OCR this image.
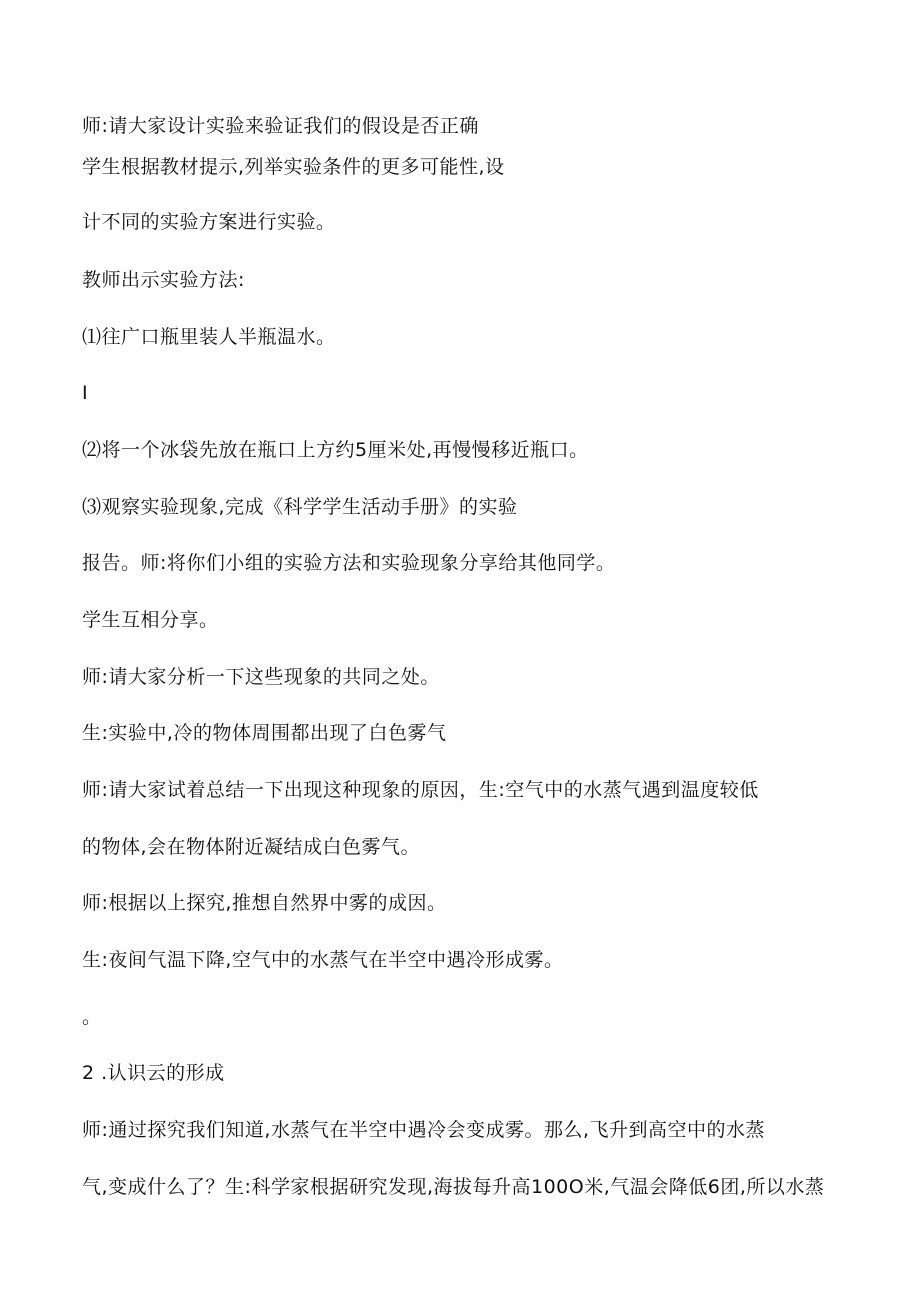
师:请大家设计实验来验证我们的假设是否正确
学生根据教材提示,列举实验条件的更多可能性,设
计不同的实验方案进行实验。
教师出示实验方法:
⑴往广口瓶里装人半瓶温水。
I
⑵将一个冰袋先放在瓶口上方约5厘米处,再慢慢移近瓶口。
⑶观察实验现象,完成《科学学生活动手册》的实验
报告。师:将你们小组的实验方法和实验现象分享给其他同学。
学生互相分享。
师:请大家分析一下这些现象的共同之处。
生:实验中,冷的物体周围都出现了白色雾气
师:请大家试着总结一下出现这种现象的原因，生:空气中的水蒸气遇到温度较低
的物体,会在物体附近凝结成白色雾气。
师:根据以上探究,推想自然界中雾的成因。
生:夜间气温下降,空气中的水蒸气在半空中遇冷形成雾。
。
2 .认识云的形成
师:通过探究我们知道,水蒸气在半空中遇冷会变成雾。那么,飞升到高空中的水蒸
气,变成什么了？生:科学家根据研究发现,海拔每升高100O米,气温会降低6团,所以水蒸
